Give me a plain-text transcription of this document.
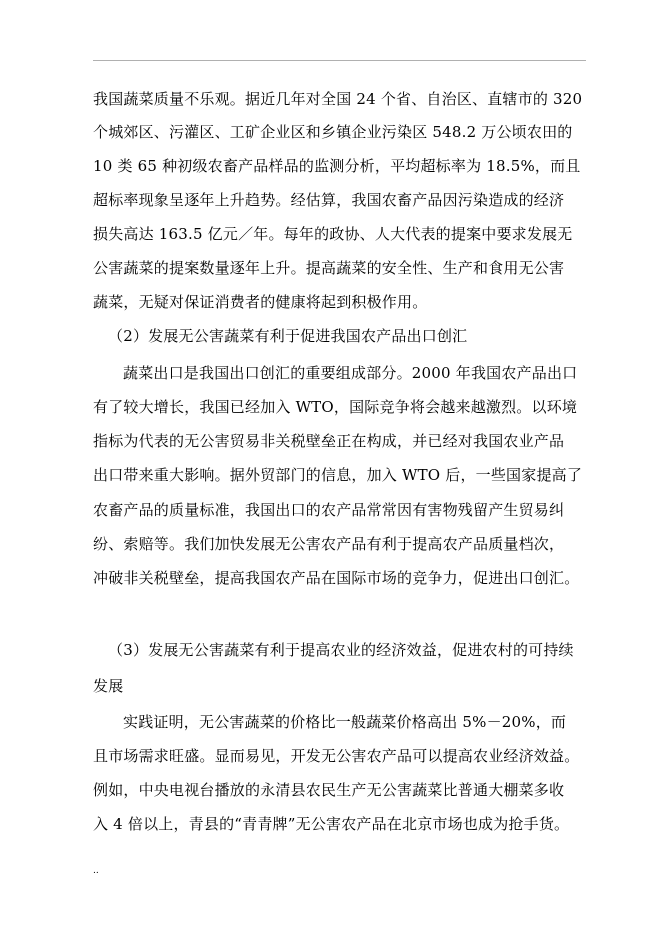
我国蔬菜质量不乐观。据近几年对全国 24 个省、自治区、直辖市的 320
个城郊区、污灌区、工矿企业区和乡镇企业污染区 548.2 万公顷农田的
10 类 65 种初级农畜产品样品的监测分析，平均超标率为 18.5%，而且
超标率现象呈逐年上升趋势。经估算，我国农畜产品因污染造成的经济
损失高达 163.5 亿元／年。每年的政协、人大代表的提案中要求发展无
公害蔬菜的提案数量逐年上升。提高蔬菜的安全性、生产和食用无公害
蔬菜，无疑对保证消费者的健康将起到积极作用。
（2）发展无公害蔬菜有利于促进我国农产品出口创汇
蔬菜出口是我国出口创汇的重要组成部分。2000 年我国农产品出口
有了较大增长，我国已经加入 WTO，国际竞争将会越来越激烈。以环境
指标为代表的无公害贸易非关税壁垒正在构成，并已经对我国农业产品
出口带来重大影响。据外贸部门的信息，加入 WTO 后，一些国家提高了
农畜产品的质量标准，我国出口的农产品常常因有害物残留产生贸易纠
纷、索赔等。我们加快发展无公害农产品有利于提高农产品质量档次，
冲破非关税壁垒，提高我国农产品在国际市场的竞争力，促进出口创汇。
（3）发展无公害蔬菜有利于提高农业的经济效益，促进农村的可持续
发展
实践证明，无公害蔬菜的价格比一般蔬菜价格高出 5%－20%，而
且市场需求旺盛。显而易见，开发无公害农产品可以提高农业经济效益。
例如，中央电视台播放的永清县农民生产无公害蔬菜比普通大棚菜多收
入 4 倍以上，青县的“青青牌”无公害农产品在北京市场也成为抢手货。
..
